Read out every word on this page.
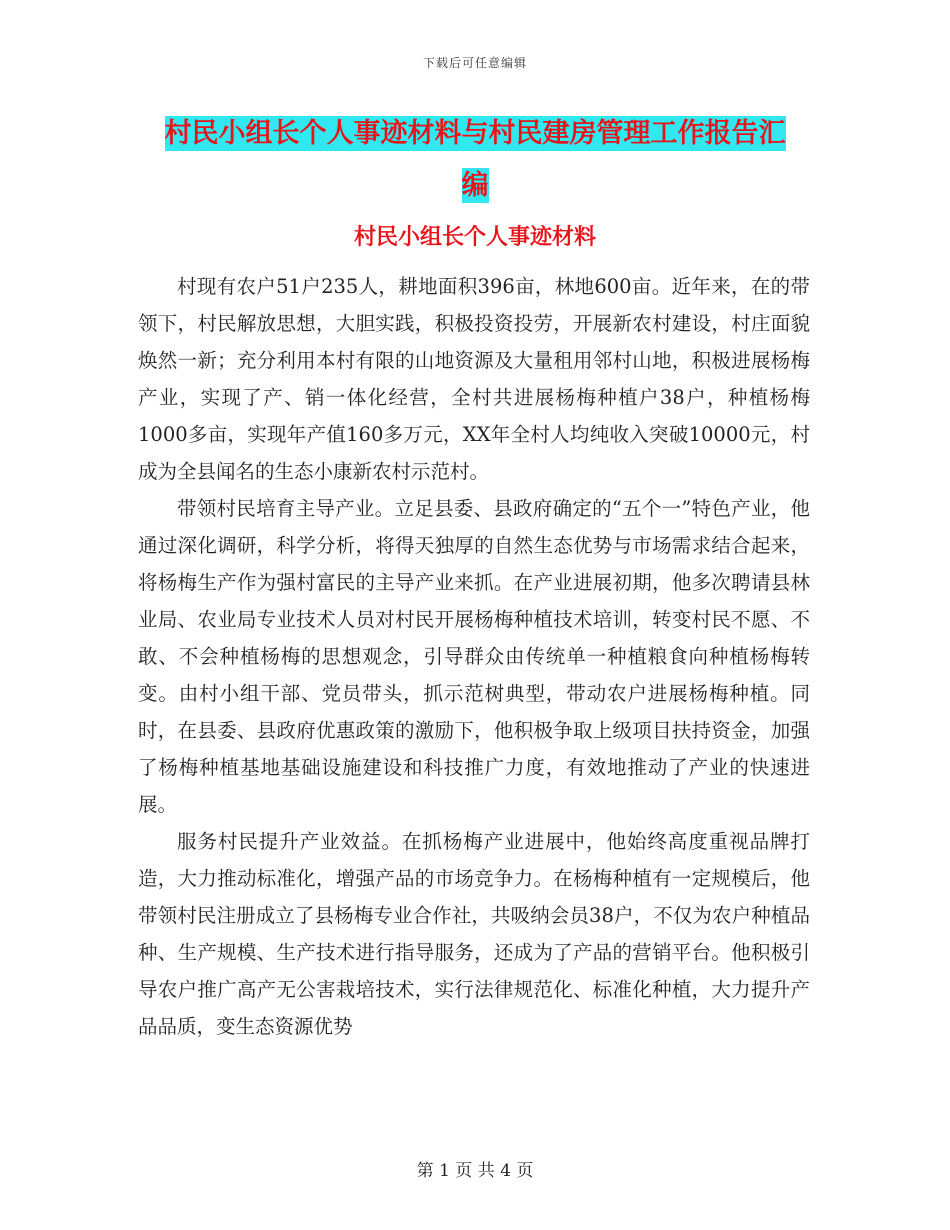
下载后可任意编辑
村民小组长个人事迹材料与村民建房管理工作报告汇
编
村民小组长个人事迹材料

村现有农户51户235人，耕地面积396亩，林地600亩。近年来，在的带领下，村民解放思想，大胆实践，积极投资投劳，开展新农村建设，村庄面貌焕然一新；充分利用本村有限的山地资源及大量租用邻村山地，积极进展杨梅产业，实现了产、销一体化经营，全村共进展杨梅种植户38户，种植杨梅1000多亩，实现年产值160多万元，XX年全村人均纯收入突破10000元，村成为全县闻名的生态小康新农村示范村。

带领村民培育主导产业。立足县委、县政府确定的“五个一”特色产业，他通过深化调研，科学分析，将得天独厚的自然生态优势与市场需求结合起来，将杨梅生产作为强村富民的主导产业来抓。在产业进展初期，他多次聘请县林业局、农业局专业技术人员对村民开展杨梅种植技术培训，转变村民不愿、不敢、不会种植杨梅的思想观念，引导群众由传统单一种植粮食向种植杨梅转变。由村小组干部、党员带头，抓示范树典型，带动农户进展杨梅种植。同时，在县委、县政府优惠政策的激励下，他积极争取上级项目扶持资金，加强了杨梅种植基地基础设施建设和科技推广力度，有效地推动了产业的快速进展。

服务村民提升产业效益。在抓杨梅产业进展中，他始终高度重视品牌打造，大力推动标准化，增强产品的市场竞争力。在杨梅种植有一定规模后，他带领村民注册成立了县杨梅专业合作社，共吸纳会员38户，不仅为农户种植品种、生产规模、生产技术进行指导服务，还成为了产品的营销平台。他积极引导农户推广高产无公害栽培技术，实行法律规范化、标准化种植，大力提升产品品质，变生态资源优势

第 1 页 共 4 页
